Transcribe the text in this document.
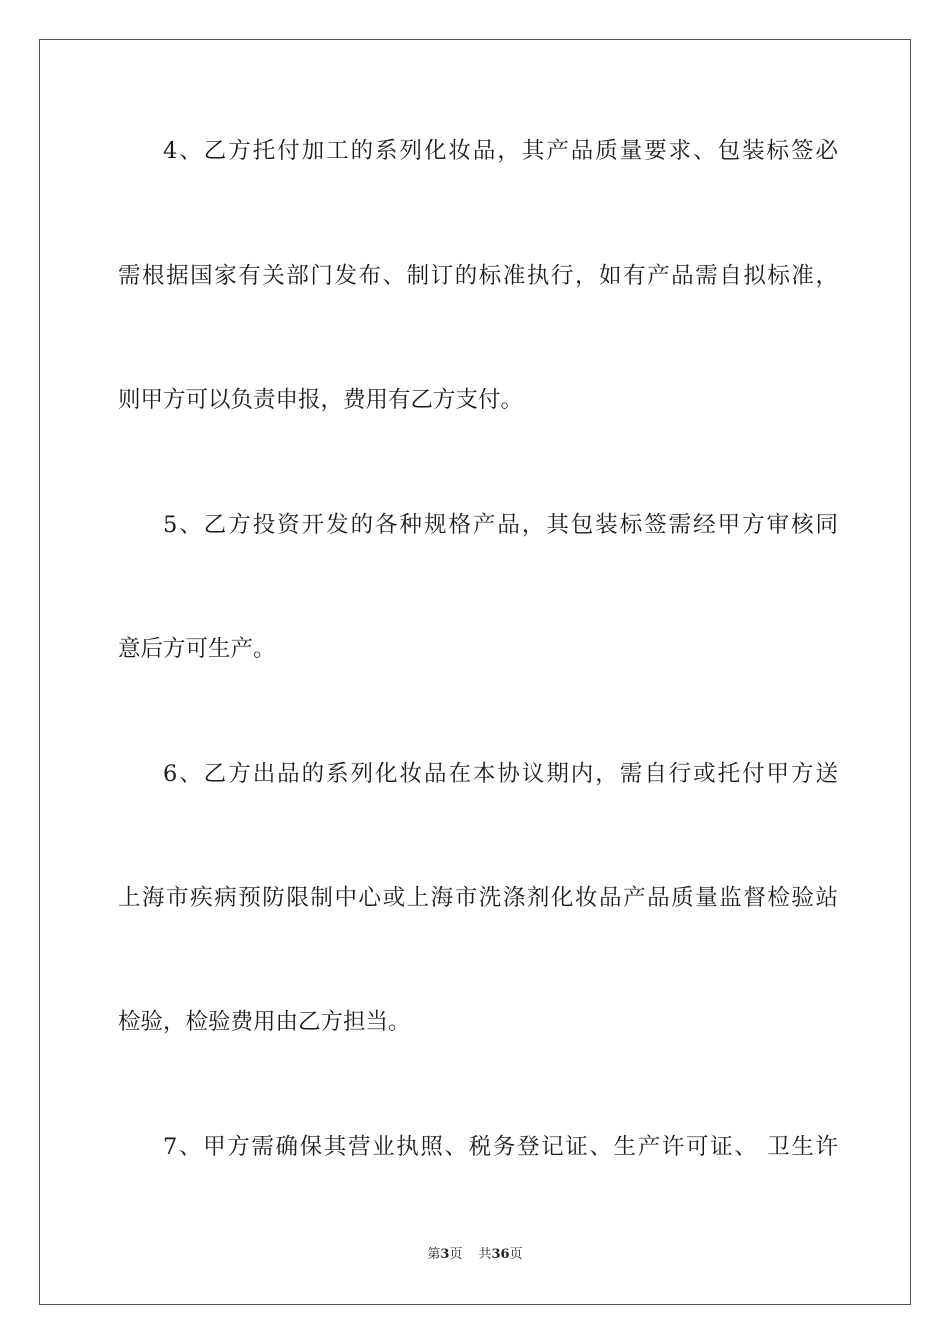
4、乙方托付加工的系列化妆品，其产品质量要求、包装标签必
需根据国家有关部门发布、制订的标准执行，如有产品需自拟标准，
则甲方可以负责申报，费用有乙方支付。
5、乙方投资开发的各种规格产品，其包装标签需经甲方审核同
意后方可生产。
6、乙方出品的系列化妆品在本协议期内，需自行或托付甲方送
上海市疾病预防限制中心或上海市洗涤剂化妆品产品质量监督检验站
检验，检验费用由乙方担当。
7、甲方需确保其营业执照、税务登记证、生产许可证、 卫生许
第3页 共36页
